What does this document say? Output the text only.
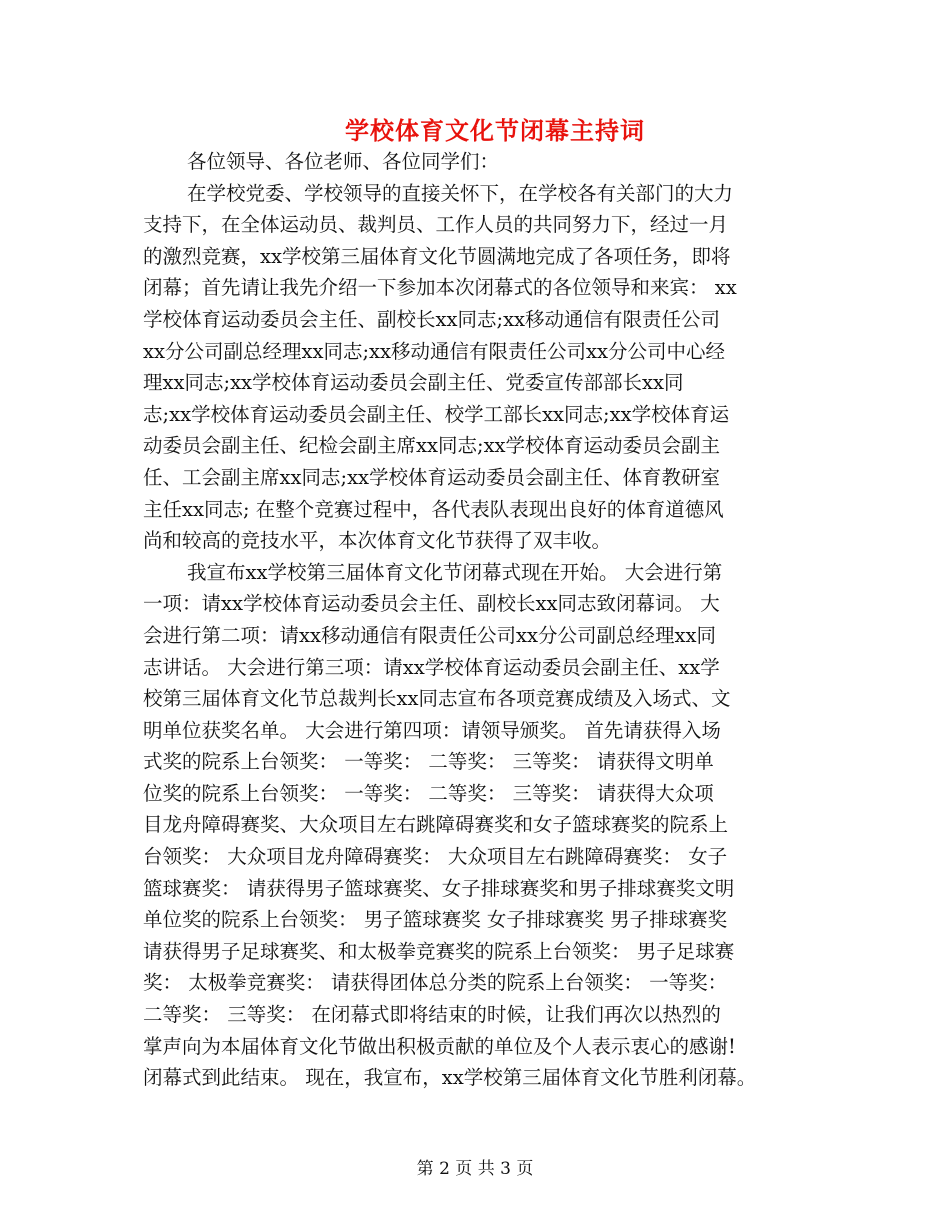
学校体育文化节闭幕主持词
各位领导、各位老师、各位同学们：
在学校党委、学校领导的直接关怀下，在学校各有关部门的大力
支持下，在全体运动员、裁判员、工作人员的共同努力下，经过一月
的激烈竞赛，xx学校第三届体育文化节圆满地完成了各项任务，即将
闭幕；首先请让我先介绍一下参加本次闭幕式的各位领导和来宾： xx
学校体育运动委员会主任、副校长xx同志;xx移动通信有限责任公司
xx分公司副总经理xx同志;xx移动通信有限责任公司xx分公司中心经
理xx同志;xx学校体育运动委员会副主任、党委宣传部部长xx同
志;xx学校体育运动委员会副主任、校学工部长xx同志;xx学校体育运
动委员会副主任、纪检会副主席xx同志;xx学校体育运动委员会副主
任、工会副主席xx同志;xx学校体育运动委员会副主任、体育教研室
主任xx同志; 在整个竞赛过程中，各代表队表现出良好的体育道德风
尚和较高的竞技水平，本次体育文化节获得了双丰收。
我宣布xx学校第三届体育文化节闭幕式现在开始。 大会进行第
一项：请xx学校体育运动委员会主任、副校长xx同志致闭幕词。 大
会进行第二项：请xx移动通信有限责任公司xx分公司副总经理xx同
志讲话。 大会进行第三项：请xx学校体育运动委员会副主任、xx学
校第三届体育文化节总裁判长xx同志宣布各项竞赛成绩及入场式、文
明单位获奖名单。 大会进行第四项：请领导颁奖。 首先请获得入场
式奖的院系上台领奖： 一等奖： 二等奖： 三等奖： 请获得文明单
位奖的院系上台领奖： 一等奖： 二等奖： 三等奖： 请获得大众项
目龙舟障碍赛奖、大众项目左右跳障碍赛奖和女子篮球赛奖的院系上
台领奖： 大众项目龙舟障碍赛奖： 大众项目左右跳障碍赛奖： 女子
篮球赛奖： 请获得男子篮球赛奖、女子排球赛奖和男子排球赛奖文明
单位奖的院系上台领奖： 男子篮球赛奖 女子排球赛奖 男子排球赛奖
请获得男子足球赛奖、和太极拳竞赛奖的院系上台领奖： 男子足球赛
奖： 太极拳竞赛奖： 请获得团体总分类的院系上台领奖： 一等奖：
二等奖： 三等奖： 在闭幕式即将结束的时候，让我们再次以热烈的
掌声向为本届体育文化节做出积极贡献的单位及个人表示衷心的感谢!
闭幕式到此结束。 现在，我宣布，xx学校第三届体育文化节胜利闭幕。
第 2 页 共 3 页
